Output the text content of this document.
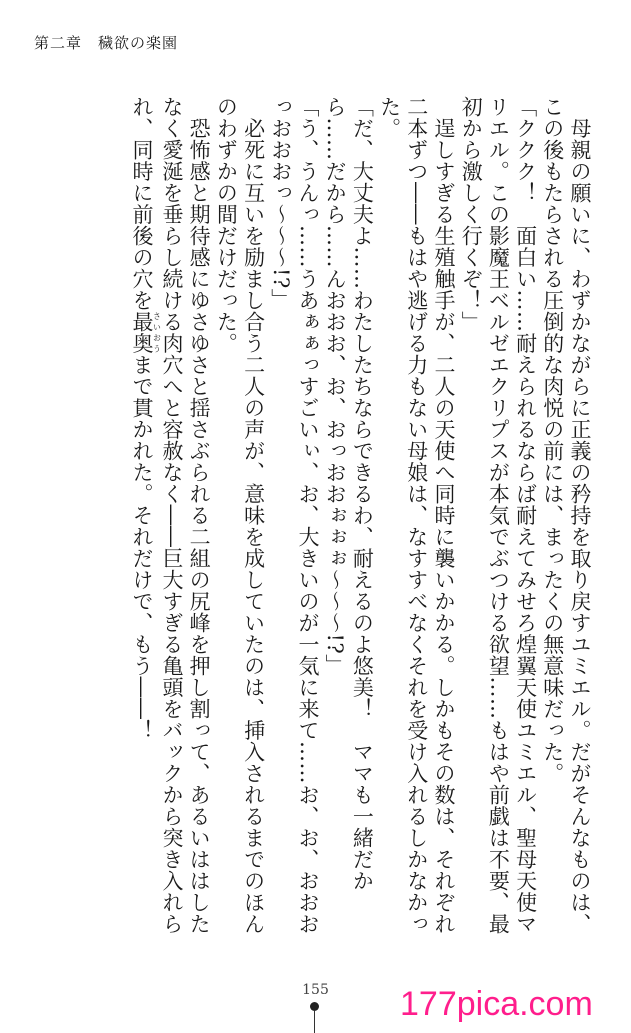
第二章　穢欲の楽園

　母親の願いに、わずかながらに正義の矜持を取り戻すユミエル。だがそんなものは、この後もたらされる圧倒的な肉悦の前には、まったくの無意味だった。

「ククク！　面白い……耐えられるならば耐えてみせろ煌翼天使ユミエル、聖母天使マリエル。この影魔王ベルゼエクリプスが本気でぶつける欲望……もはや前戯は不要、最初から激しく行くぞ！」

　逞しすぎる生殖触手が、二人の天使へ同時に襲いかかる。しかもその数は、それぞれ二本ずつ――もはや逃げる力もない母娘は、なすすべなくそれを受け入れるしかなかった。

「だ、大丈夫よ……わたしたちならできるわ、耐えるのよ悠美！　ママも一緒だから……だから……んおおお、お、おっおおぉぉぉ〜〜〜!?」

「う、うんっ……うあぁぁっすごいぃ、お、大きいのが一気に来て……お、お、おおおっおおおっ〜〜〜!?」

　必死に互いを励まし合う二人の声が、意味を成していたのは、挿入されるまでのほんのわずかの間だけだった。

　恐怖感と期待感にゆさゆさと揺さぶられる二組の尻峰を押し割って、あるいははしたなく愛涎を垂らし続ける肉穴へと容赦なく――巨大すぎる亀頭をバックから突き入れられ、同時に前後の穴を最奥さいおうまで貫かれた。それだけで、もう――！

155	177pica.com
